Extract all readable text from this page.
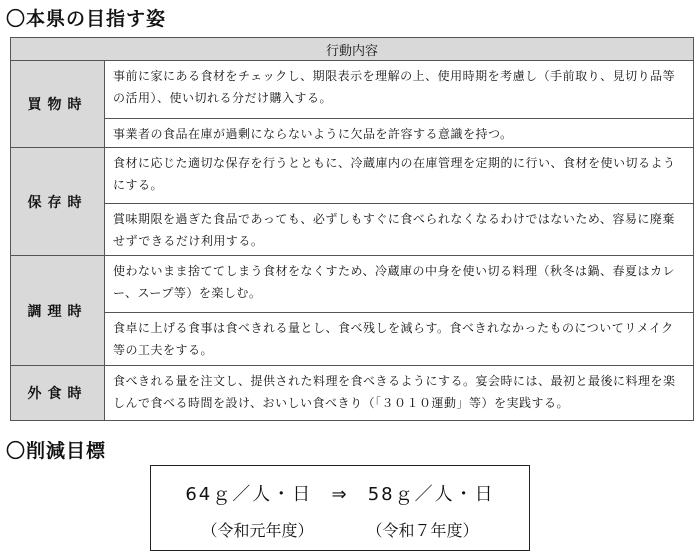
〇本県の目指す姿
行動内容	
買物時	事前に家にある食材をチェックし、期限表示を理解の上、使用時期を考慮し（手前取り、見切り品等の活用）、使い切れる分だけ購入する。
	事業者の食品在庫が過剰にならないように欠品を許容する意識を持つ。
保存時	食材に応じた適切な保存を行うとともに、冷蔵庫内の在庫管理を定期的に行い、食材を使い切るようにする。
	賞味期限を過ぎた食品であっても、必ずしもすぐに食べられなくなるわけではないため、容易に廃棄せずできるだけ利用する。
調理時	使わないまま捨ててしまう食材をなくすため、冷蔵庫の中身を使い切る料理（秋冬は鍋、春夏はカレー、スープ等）を楽しむ。
	食卓に上げる食事は食べきれる量とし、食べ残しを減らす。食べきれなかったものについてリメイク等の工夫をする。
外食時	食べきれる量を注文し、提供された料理を食べきるようにする。宴会時には、最初と最後に料理を楽しんで食べる時間を設け、おいしい食べきり（「３０１０運動」等）を実践する。
〇削減目標
64ｇ／人・日 ⇒ 58ｇ／人・日
（令和元年度）	（令和７年度）
